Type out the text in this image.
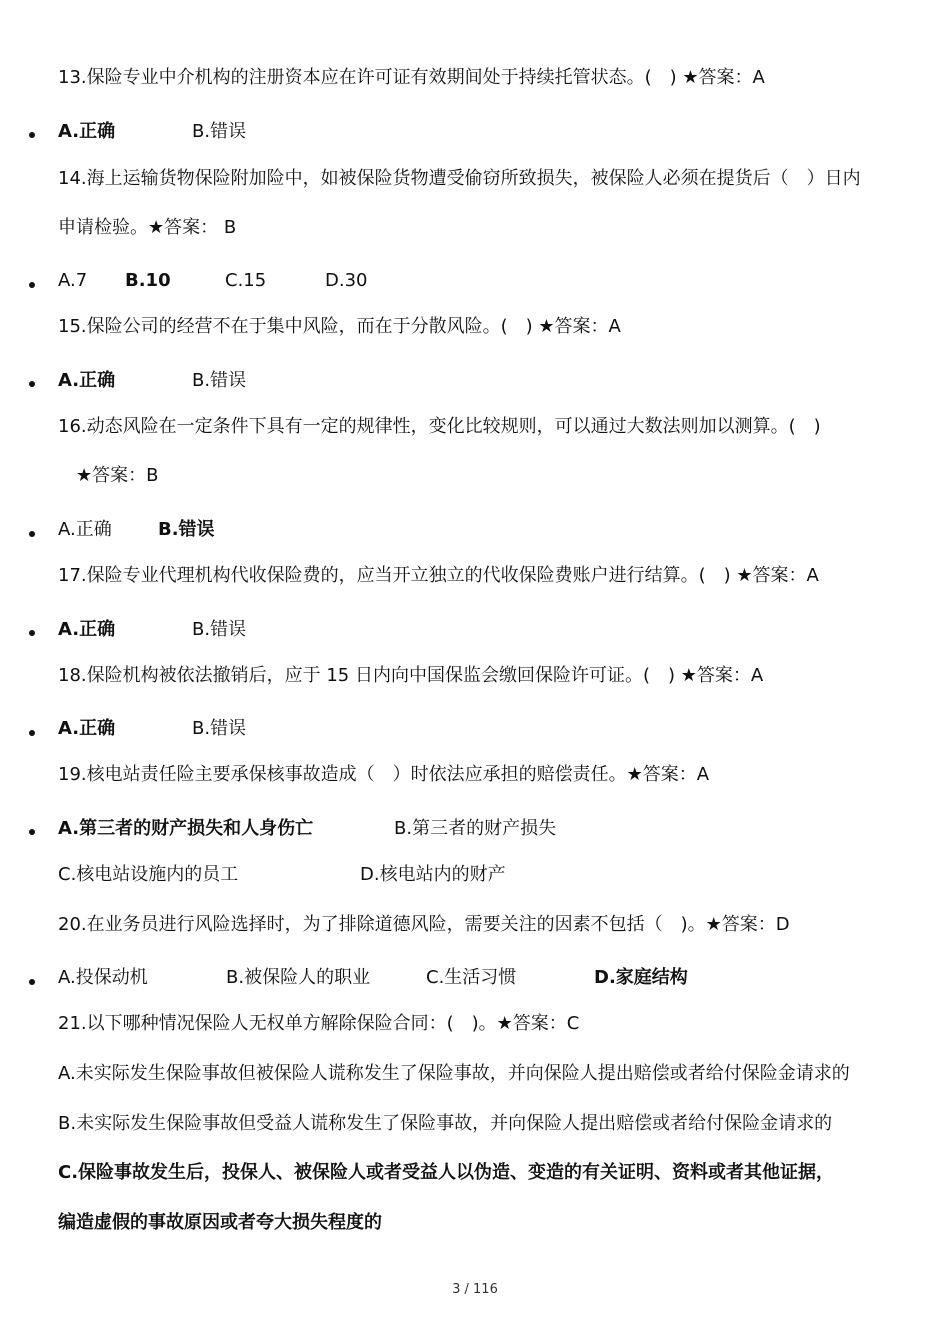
13.保险专业中介机构的注册资本应在许可证有效期间处于持续托管状态。(　) ★答案：A
A.正确	B.错误
14.海上运输货物保险附加险中，如被保险货物遭受偷窃所致损失，被保险人必须在提货后（　）日内
申请检验。★答案： B
A.7 B.10	C.15	D.30
15.保险公司的经营不在于集中风险，而在于分散风险。(　) ★答案：A
A.正确	B.错误
16.动态风险在一定条件下具有一定的规律性，变化比较规则，可以通过大数法则加以测算。(　)
★答案：B
A.正确	B.错误
17.保险专业代理机构代收保险费的，应当开立独立的代收保险费账户进行结算。(　) ★答案：A
A.正确	B.错误
18.保险机构被依法撤销后，应于 15 日内向中国保监会缴回保险许可证。(　) ★答案：A
A.正确	B.错误
19.核电站责任险主要承保核事故造成（　）时依法应承担的赔偿责任。★答案：A
A.第三者的财产损失和人身伤亡	B.第三者的财产损失
C.核电站设施内的员工	D.核电站内的财产
20.在业务员进行风险选择时，为了排除道德风险，需要关注的因素不包括（　)。★答案：D
A.投保动机	B.被保险人的职业	C.生活习惯	D.家庭结构
21.以下哪种情况保险人无权单方解除保险合同：(　)。★答案：C
A.未实际发生保险事故但被保险人谎称发生了保险事故，并向保险人提出赔偿或者给付保险金请求的
B.未实际发生保险事故但受益人谎称发生了保险事故，并向保险人提出赔偿或者给付保险金请求的
C.保险事故发生后，投保人、被保险人或者受益人以伪造、变造的有关证明、资料或者其他证据，
编造虚假的事故原因或者夸大损失程度的
3 / 116
